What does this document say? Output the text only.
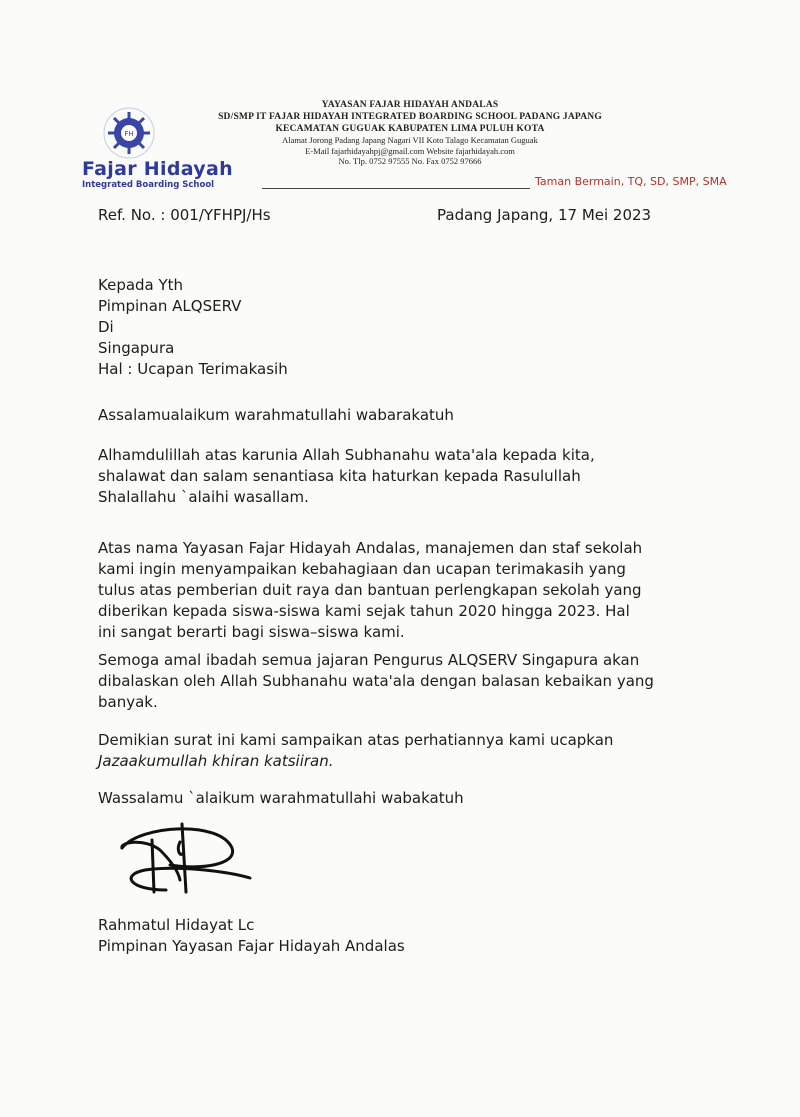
FH
Fajar Hidayah
Integrated Boarding School
YAYASAN FAJAR HIDAYAH ANDALAS
SD/SMP IT FAJAR HIDAYAH INTEGRATED BOARDING SCHOOL PADANG JAPANG
KECAMATAN GUGUAK KABUPATEN LIMA PULUH KOTA
Alamat Jorong Padang Japang Nagari VII Koto Talago Kecamatan Guguak
E-Mail fajarhidayahpj@gmail.com Website fajarhidayah.com
No. Tlp. 0752 97555 No. Fax 0752 97666
Taman Bermain, TQ, SD, SMP, SMA
Ref. No. : 001/YFHPJ/Hs	Padang Japang, 17 Mei 2023

Kepada Yth

Pimpinan ALQSERV

Di

Singapura

Hal : Ucapan Terimakasih

Assalamualaikum warahmatullahi wabarakatuh

Alhamdulillah atas karunia Allah Subhanahu wata'ala kepada kita,

shalawat dan salam senantiasa kita haturkan kepada Rasulullah

Shalallahu `alaihi wasallam.

Atas nama Yayasan Fajar Hidayah Andalas, manajemen dan staf sekolah

kami ingin menyampaikan kebahagiaan dan ucapan terimakasih yang

tulus atas pemberian duit raya dan bantuan perlengkapan sekolah yang

diberikan kepada siswa-siswa kami sejak tahun 2020 hingga 2023. Hal

ini sangat berarti bagi siswa–siswa kami.

Semoga amal ibadah semua jajaran Pengurus ALQSERV Singapura akan

dibalaskan oleh Allah Subhanahu wata'ala dengan balasan kebaikan yang

banyak.

Demikian surat ini kami sampaikan atas perhatiannya kami ucapkan

Jazaakumullah khiran katsiiran.

Wassalamu `alaikum warahmatullahi wabakatuh
Rahmatul Hidayat Lc
Pimpinan Yayasan Fajar Hidayah Andalas
